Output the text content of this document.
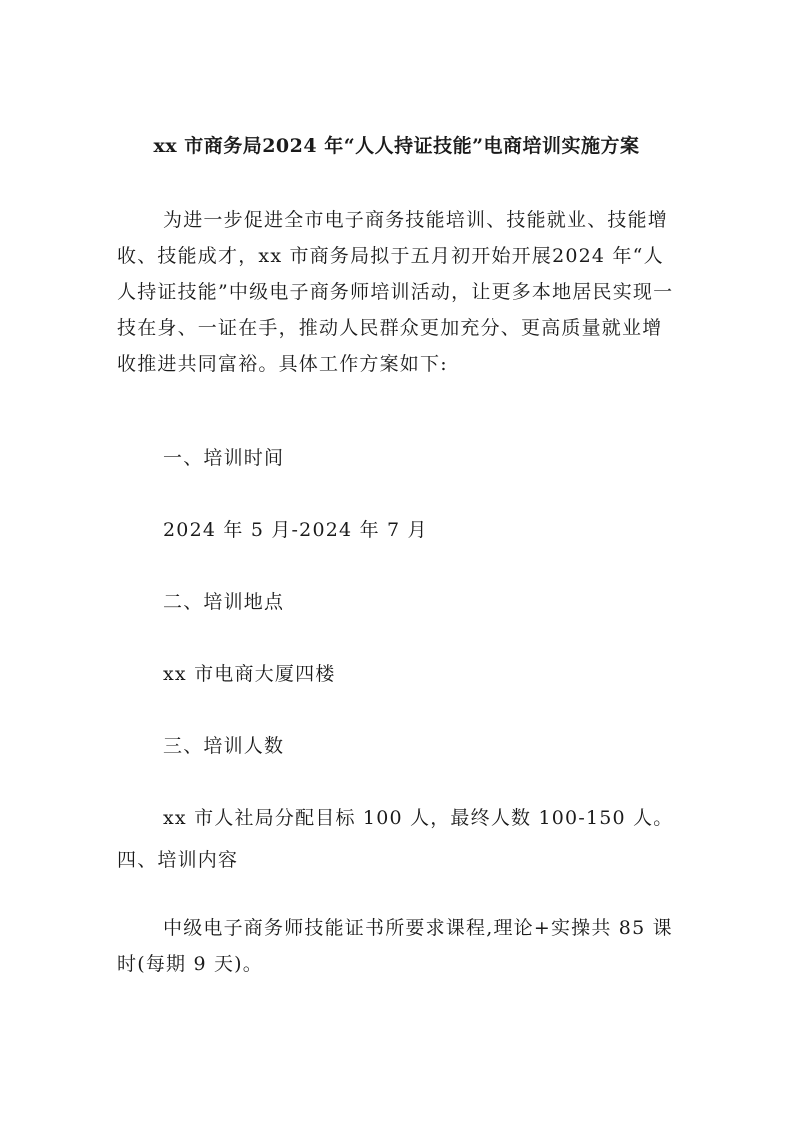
xx 市商务局2024 年“人人持证技能”电商培训实施方案

为进一步促进全市电子商务技能培训、技能就业、技能增收、技能成才，xx 市商务局拟于五月初开始开展2024 年“人人持证技能”中级电子商务师培训活动，让更多本地居民实现一技在身、一证在手，推动人民群众更加充分、更高质量就业增收推进共同富裕。具体工作方案如下:

一、培训时间
2024 年 5 月-2024 年 7 月
二、培训地点
xx 市电商大厦四楼
三、培训人数
xx 市人社局分配目标 100 人，最终人数 100-150 人。
四、培训内容

中级电子商务师技能证书所要求课程,理论+实操共 85 课时(每期 9 天)。
